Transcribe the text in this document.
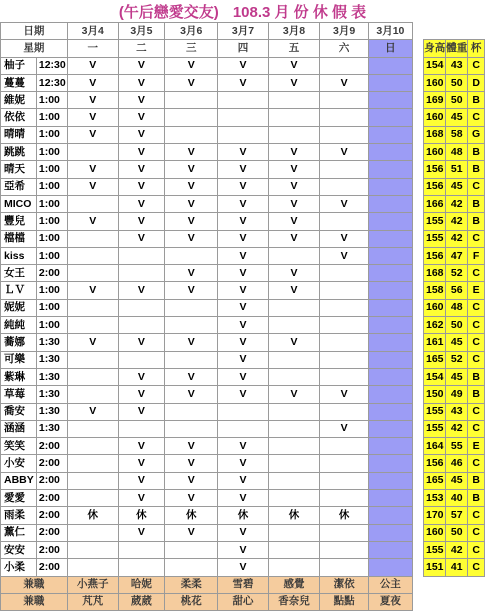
(午后戀愛交友) 108.3 月 份 休 假 表
日期		3月4	3月5	3月6	3月7	3月8	3月9	3月10				
星期		一	二	三	四	五	六	日		身高	體重	杯
柚子	12:30	V	V	V	V	V				154	43	C
蔓蔓	12:30	V	V	V	V	V	V			160	50	D
維妮	1:00	V	V							169	50	B
依依	1:00	V	V							160	45	C
晴晴	1:00	V	V							168	58	G
跳跳	1:00		V	V	V	V	V			160	48	B
晴天	1:00	V	V	V	V	V				156	51	B
亞希	1:00	V	V	V	V	V				156	45	C
MICO	1:00		V	V	V	V	V			166	42	B
豐兒	1:00	V	V	V	V	V				155	42	B
檔檔	1:00		V	V	V	V	V			155	42	C
kiss	1:00				V		V			156	47	F
女王	2:00			V	V	V				168	52	C
ＬＶ	1:00	V	V	V	V	V				158	56	E
妮妮	1:00				V					160	48	C
純純	1:00				V					162	50	C
蕎娜	1:30	V	V	V	V	V				161	45	C
可樂	1:30				V					165	52	C
紫琳	1:30		V	V	V					154	45	B
草莓	1:30		V	V	V	V	V			150	49	B
喬安	1:30	V	V							155	43	C
涵涵	1:30						V			155	42	C
笑笑	2:00		V	V	V					164	55	E
小安	2:00		V	V	V					156	46	C
ABBY	2:00		V	V	V					165	45	B
愛愛	2:00		V	V	V					153	40	B
雨柔	2:00	休	休	休	休	休	休			170	57	C
薰仁	2:00		V	V	V					160	50	C
安安	2:00				V					155	42	C
小柔	2:00				V					151	41	C
兼職		小燕子	哈妮	柔柔	雪碧	感覺	潔依	公主				
兼職		芃芃	葳葳	桃花	甜心	香奈兒	點點	夏夜				
